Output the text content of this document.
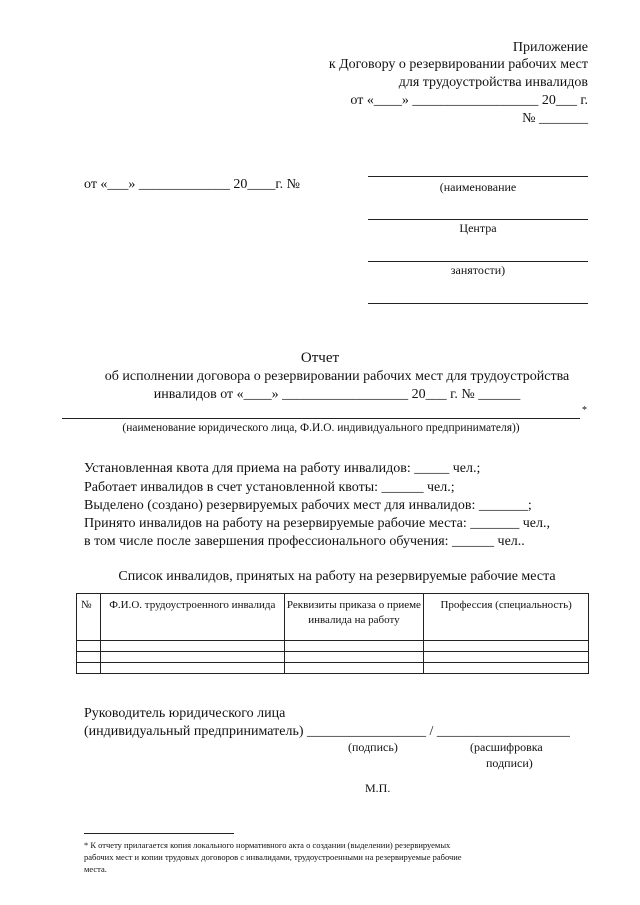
Приложение
к Договору о резервировании рабочих мест
для трудоустройства инвалидов
от «____» __________________ 20___ г.
№ _______
от «___» _____________ 20____г. №	(наименование
Центра
занятости)
Отчет
об исполнении договора о резервировании рабочих мест для трудоустройства
инвалидов от «____» __________________ 20___ г. № ______
*
(наименование юридического лица, Ф.И.О. индивидуального предпринимателя))
Установленная квота для приема на работу инвалидов: _____ чел.;
Работает инвалидов в счет установленной квоты: ______ чел.;
Выделено (создано) резервируемых рабочих мест для инвалидов: _______;
Принято инвалидов на работу на резервируемые рабочие места: _______ чел.,
в том числе после завершения профессионального обучения: ______ чел..
Список инвалидов, принятых на работу на резервируемые рабочие места
№	Ф.И.О. трудоустроенного инвалида	Реквизиты приказа о приеме инвалида на работу	Профессия (специальность)

Руководитель юридического лица
(индивидуальный предприниматель) _________________ / ___________________
(подпись)	(расшифровка
подписи)
М.П.
* К отчету прилагается копия локального нормативного акта о создании (выделении) резервируемых
рабочих мест и копии трудовых договоров с инвалидами, трудоустроенными на резервируемые рабочие
места.
